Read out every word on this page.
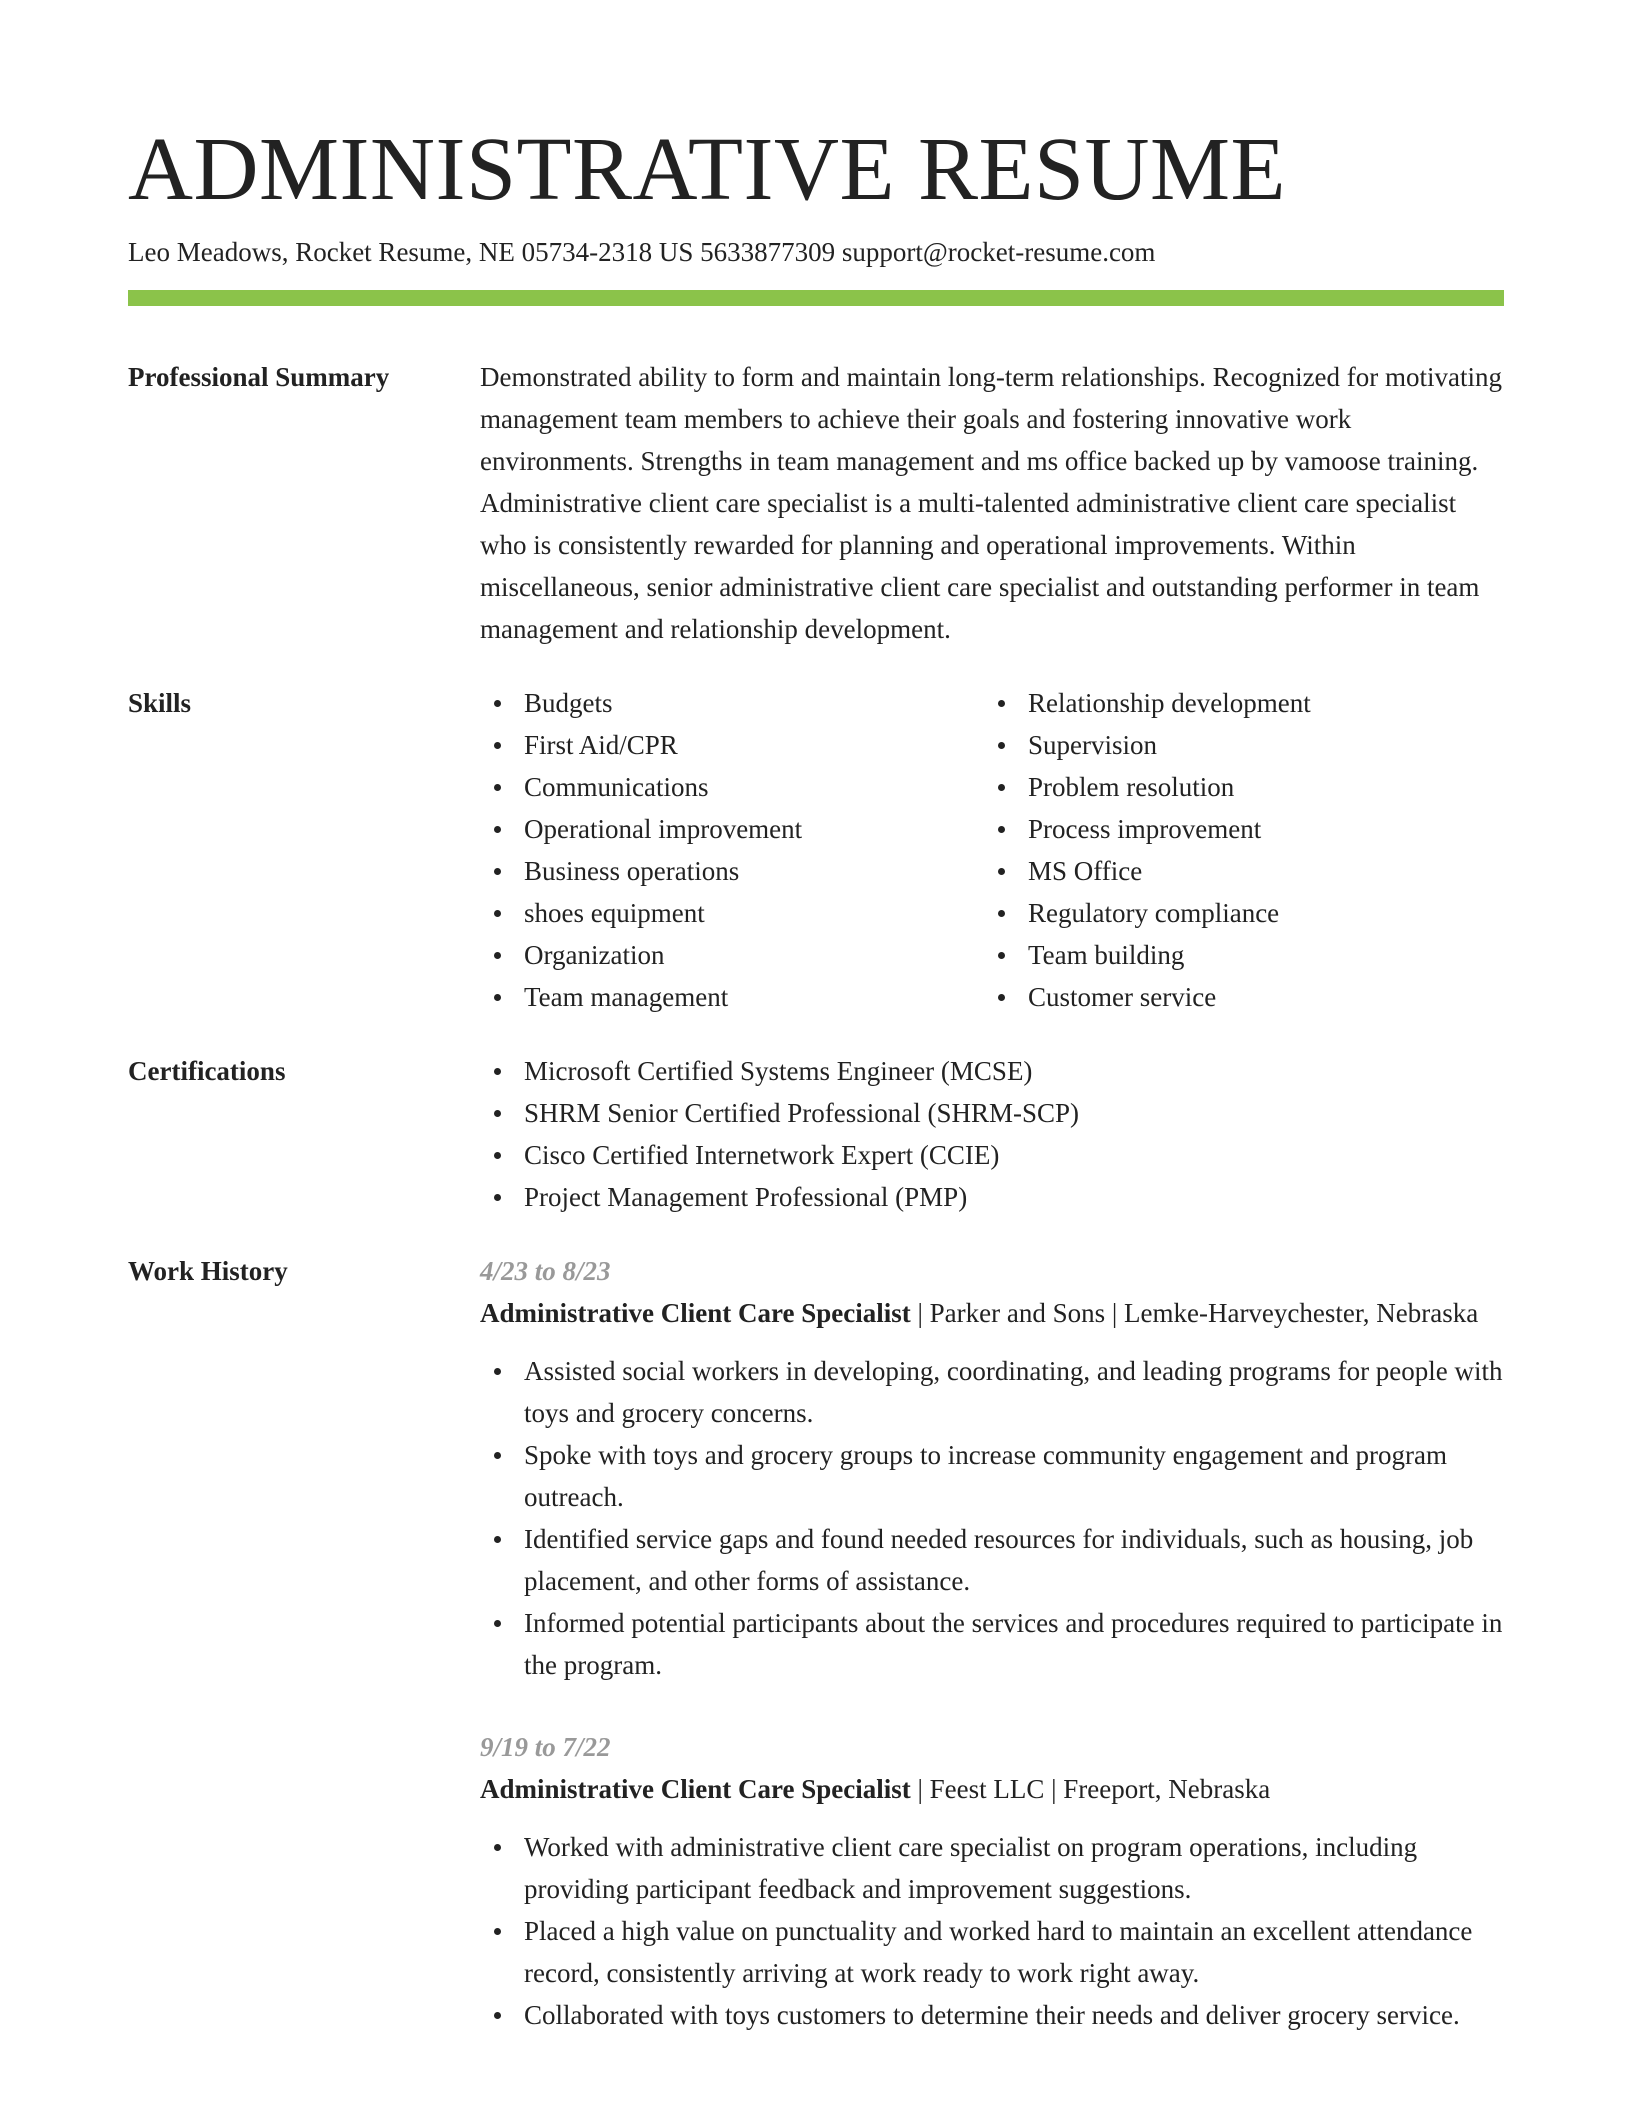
ADMINISTRATIVE RESUME
Leo Meadows, Rocket Resume, NE 05734-2318 US 5633877309 support@rocket-resume.com
Professional Summary	Demonstrated ability to form and maintain long-term relationships. Recognized for motivating management team members to achieve their goals and fostering innovative work environments. Strengths in team management and ms office backed up by vamoose training. Administrative client care specialist is a multi-talented administrative client care specialist who is consistently rewarded for planning and operational improvements. Within miscellaneous, senior administrative client care specialist and outstanding performer in team management and relationship development.
Skills	Budgets
First Aid/CPR
Communications
Operational improvement
Business operations
shoes equipment
Organization
Team management
Relationship development
Supervision
Problem resolution
Process improvement
MS Office
Regulatory compliance
Team building
Customer service
Certifications	Microsoft Certified Systems Engineer (MCSE)
SHRM Senior Certified Professional (SHRM-SCP)
Cisco Certified Internetwork Expert (CCIE)
Project Management Professional (PMP)
Work History	4/23 to 8/23
Administrative Client Care Specialist | Parker and Sons | Lemke-Harveychester, Nebraska
Assisted social workers in developing, coordinating, and leading programs for people with toys and grocery concerns.
Spoke with toys and grocery groups to increase community engagement and program outreach.
Identified service gaps and found needed resources for individuals, such as housing, job placement, and other forms of assistance.
Informed potential participants about the services and procedures required to participate in the program.
9/19 to 7/22
Administrative Client Care Specialist | Feest LLC | Freeport, Nebraska
Worked with administrative client care specialist on program operations, including providing participant feedback and improvement suggestions.
Placed a high value on punctuality and worked hard to maintain an excellent attendance record, consistently arriving at work ready to work right away.
Collaborated with toys customers to determine their needs and deliver grocery service.
